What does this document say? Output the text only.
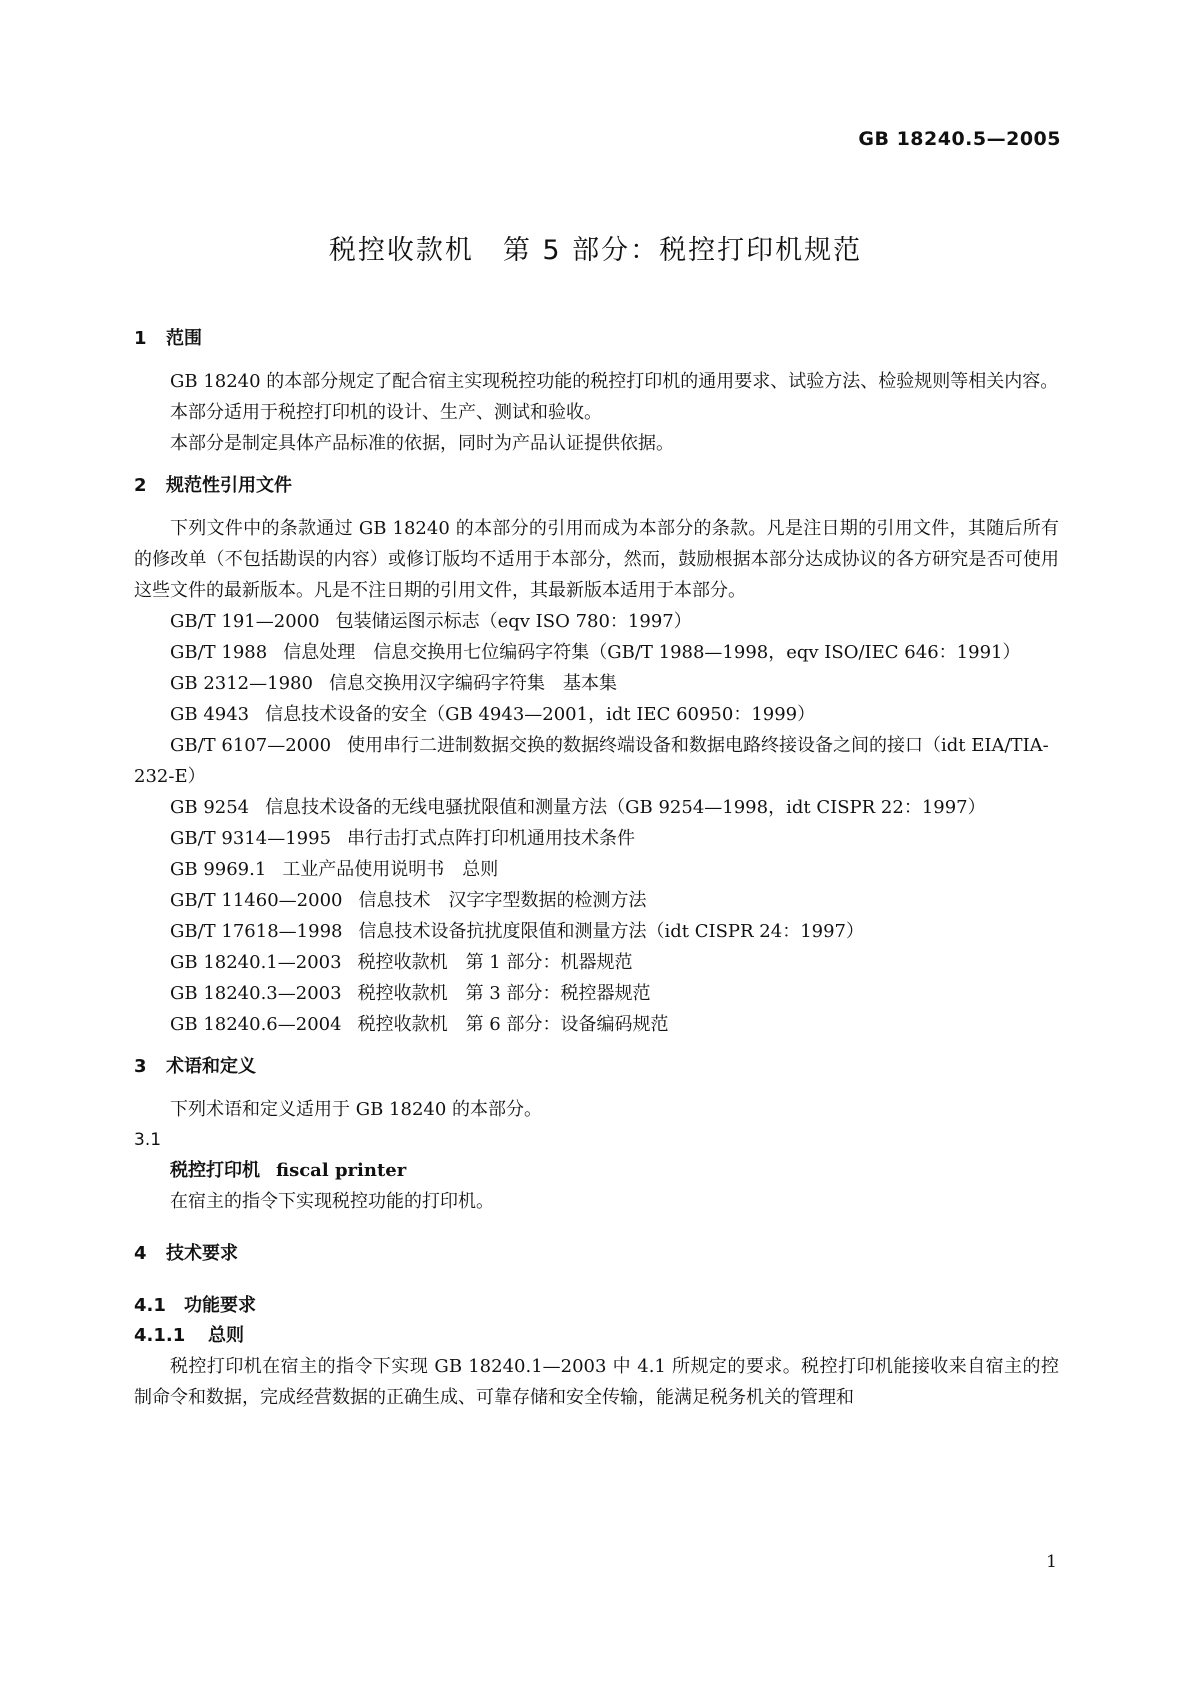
GB 18240.5—2005
税控收款机　第 5 部分：税控打印机规范
1 范围
GB 18240 的本部分规定了配合宿主实现税控功能的税控打印机的通用要求、试验方法、检验规则等相关内容。
本部分适用于税控打印机的设计、生产、测试和验收。
本部分是制定具体产品标准的依据，同时为产品认证提供依据。
2 规范性引用文件
下列文件中的条款通过 GB 18240 的本部分的引用而成为本部分的条款。凡是注日期的引用文件，其随后所有的修改单（不包括勘误的内容）或修订版均不适用于本部分，然而，鼓励根据本部分达成协议的各方研究是否可使用这些文件的最新版本。凡是不注日期的引用文件，其最新版本适用于本部分。
GB/T 191—2000 包装储运图示标志（eqv ISO 780：1997）
GB/T 1988 信息处理　信息交换用七位编码字符集（GB/T 1988—1998，eqv ISO/IEC 646：1991）
GB 2312—1980 信息交换用汉字编码字符集　基本集
GB 4943 信息技术设备的安全（GB 4943—2001，idt IEC 60950：1999）
GB/T 6107—2000 使用串行二进制数据交换的数据终端设备和数据电路终接设备之间的接口（idt EIA/TIA-232-E）
GB 9254 信息技术设备的无线电骚扰限值和测量方法（GB 9254—1998，idt CISPR 22：1997）
GB/T 9314—1995 串行击打式点阵打印机通用技术条件
GB 9969.1 工业产品使用说明书　总则
GB/T 11460—2000 信息技术　汉字字型数据的检测方法
GB/T 17618—1998 信息技术设备抗扰度限值和测量方法（idt CISPR 24：1997）
GB 18240.1—2003 税控收款机　第 1 部分：机器规范
GB 18240.3—2003 税控收款机　第 3 部分：税控器规范
GB 18240.6—2004 税控收款机　第 6 部分：设备编码规范
3 术语和定义
下列术语和定义适用于 GB 18240 的本部分。
3.1
税控打印机 fiscal printer
在宿主的指令下实现税控功能的打印机。
4 技术要求
4.1 功能要求
4.1.1 总则
税控打印机在宿主的指令下实现 GB 18240.1—2003 中 4.1 所规定的要求。税控打印机能接收来自宿主的控制命令和数据，完成经营数据的正确生成、可靠存储和安全传输，能满足税务机关的管理和
1
